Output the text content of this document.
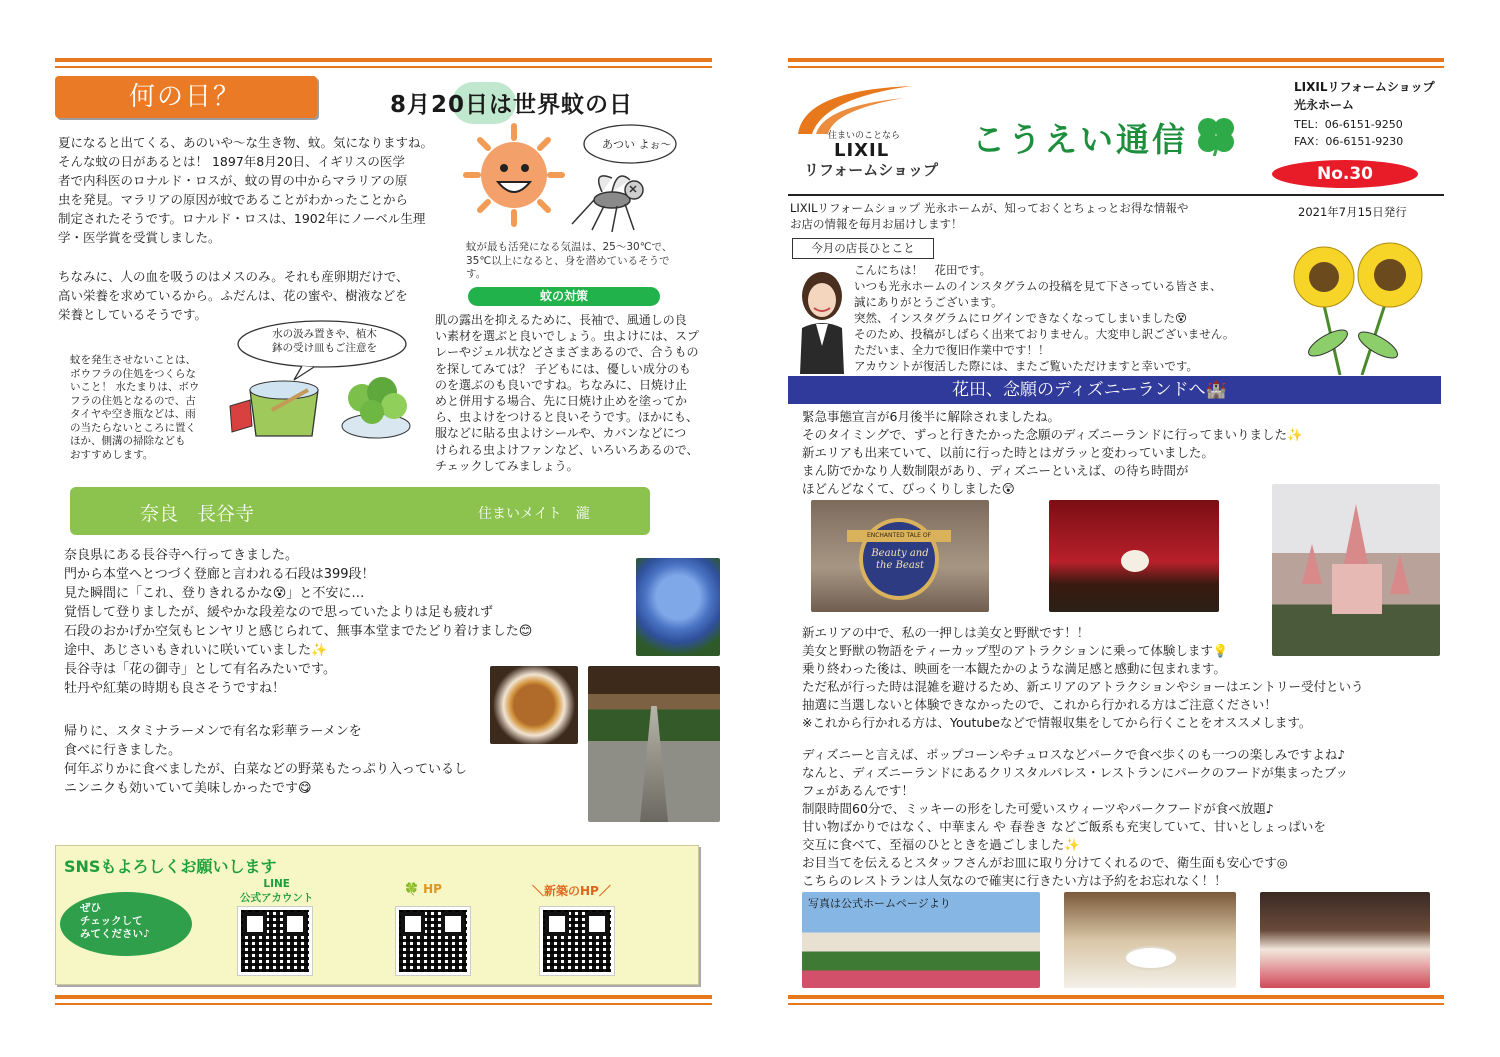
何の日？	8月20日は世界蚊の日
夏になると出てくる、あのいや〜な生き物、蚊。気になりますね。
そんな蚊の日があるとは！ 1897年8月20日、イギリスの医学
者で内科医のロナルド・ロスが、蚊の胃の中からマラリアの原
虫を発見。マラリアの原因が蚊であることがわかったことから
制定されたそうです。ロナルド・ロスは、1902年にノーベル生理
学・医学賞を受賞しました。
ちなみに、人の血を吸うのはメスのみ。それも産卵期だけで、
高い栄養を求めているから。ふだんは、花の蜜や、樹液などを
栄養としているそうです。
あつい よぉ〜
蚊が最も活発になる気温は、25〜30℃で、
35℃以上になると、身を潜めているそうで
す。
蚊の対策
肌の露出を抑えるために、長袖で、風通しの良
い素材を選ぶと良いでしょう。虫よけには、スプ
レーやジェル状などさまざまあるので、合うもの
を探してみては？ 子どもには、優しい成分のも
のを選ぶのも良いですね。ちなみに、日焼け止
めと併用する場合、先に日焼け止めを塗ってか
ら、虫よけをつけると良いそうです。ほかにも、
服などに貼る虫よけシールや、カバンなどにつ
けられる虫よけファンなど、いろいろあるので、
チェックしてみましょう。
水の汲み置きや、植木
鉢の受け皿もご注意を
蚊を発生させないことは、
ボウフラの住処をつくらな
いこと！ 水たまりは、ボウ
フラの住処となるので、古
タイヤや空き瓶などは、雨
の当たらないところに置く
ほか、側溝の掃除なども
おすすめします。
奈良　長谷寺	住まいメイト　瀧
奈良県にある長谷寺へ行ってきました。
門から本堂へとつづく登廊と言われる石段は399段！
見た瞬間に「これ、登りきれるかな😵」と不安に…
覚悟して登りましたが、緩やかな段差なので思っていたよりは足も疲れず
石段のおかげか空気もヒンヤリと感じられて、無事本堂までたどり着けました😊
途中、あじさいもきれいに咲いていました✨
長谷寺は「花の御寺」として有名みたいです。
牡丹や紅葉の時期も良さそうですね！
帰りに、スタミナラーメンで有名な彩華ラーメンを
食べに行きました。
何年ぶりかに食べましたが、白菜などの野菜もたっぷり入っているし
ニンニクも効いていて美味しかったです😋
SNSもよろしくお願いします
ぜひ
チェックして
みてください♪
LINE
公式アカウント
🍀 HP	＼新築のHP／
住まいのことなら
LIXIL
リフォームショップ
こうえい通信
LIXILリフォームショップ
光永ホーム
TEL：06-6151-9250
FAX：06-6151-9230
No.30
LIXILリフォームショップ 光永ホームが、知っておくとちょっとお得な情報や
お店の情報を毎月お届けします！
2021年7月15日発行
今月の店長ひとこと
こんにちは！　花田です。
いつも光永ホームのインスタグラムの投稿を見て下さっている皆さま、
誠にありがとうございます。
突然、インスタグラムにログインできなくなってしまいました😵
そのため、投稿がしばらく出来ておりません。大変申し訳ございません。
ただいま、全力で復旧作業中です！！
アカウントが復活した際には、またご覧いただけますと幸いです。
花田、念願のディズニーランドへ🏰
緊急事態宣言が6月後半に解除されましたね。
そのタイミングで、ずっと行きたかった念願のディズニーランドに行ってまいりました✨
新エリアも出来ていて、以前に行った時とはガラッと変わっていました。
まん防でかなり人数制限があり、ディズニーといえば、の待ち時間が
ほどんどなくて、びっくりしました😲
ENCHANTED TALE OF
Beauty and the Beast
新エリアの中で、私の一押しは美女と野獣です！！
美女と野獣の物語をティーカップ型のアトラクションに乗って体験します💡
乗り終わった後は、映画を一本観たかのような満足感と感動に包まれます。
ただ私が行った時は混雑を避けるため、新エリアのアトラクションやショーはエントリー受付という
抽選に当選しないと体験できなかったので、これから行かれる方はご注意ください！
※これから行かれる方は、Youtubeなどで情報収集をしてから行くことをオススメします。
ディズニーと言えば、ポップコーンやチュロスなどパークで食べ歩くのも一つの楽しみですよね♪
なんと、ディズニーランドにあるクリスタルパレス・レストランにパークのフードが集まったブッ
フェがあるんです！
制限時間60分で、ミッキーの形をした可愛いスウィーツやパークフードが食べ放題♪
甘い物ばかりではなく、中華まん や 春巻き などご飯系も充実していて、甘いとしょっぱいを
交互に食べて、至福のひとときを過ごしました✨
お目当てを伝えるとスタッフさんがお皿に取り分けてくれるので、衛生面も安心です◎
こちらのレストランは人気なので確実に行きたい方は予約をお忘れなく！！
写真は公式ホームページより
